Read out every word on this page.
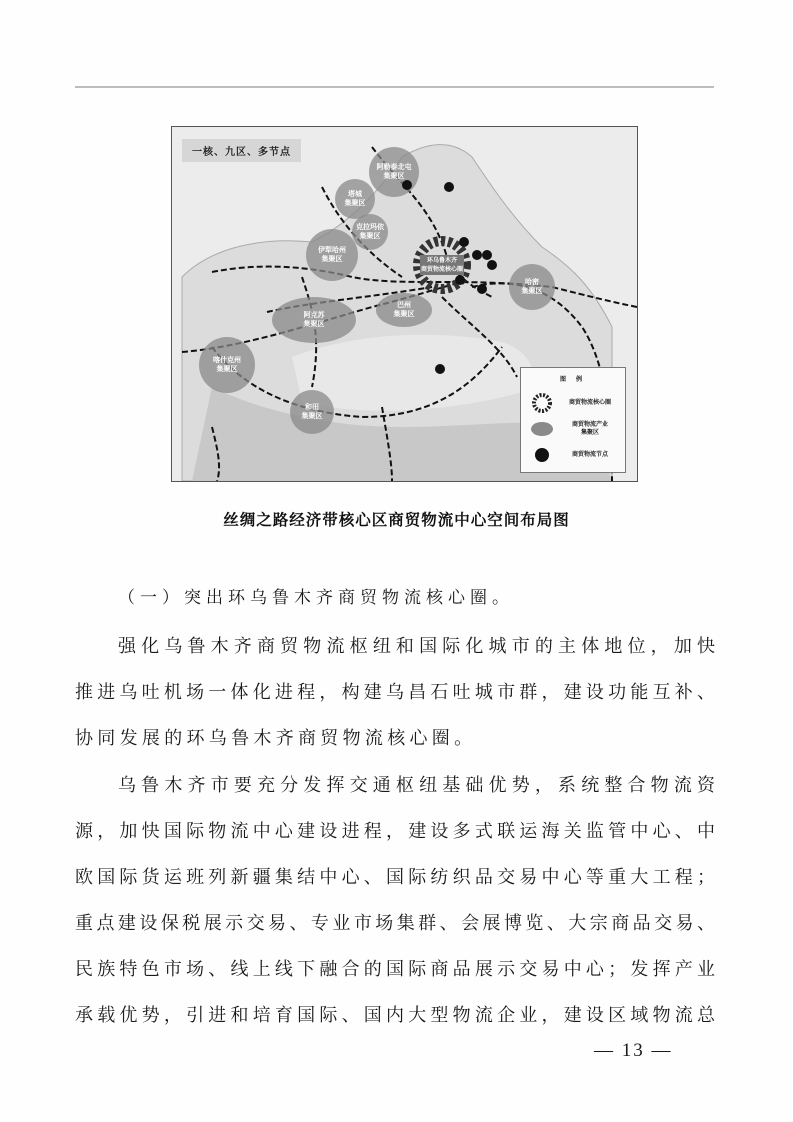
一核、九区、多节点
阿勒泰北屯
集聚区
塔城
集聚区
克拉玛依
集聚区
伊犁哈州
集聚区	环乌鲁木齐
商贸物流核心圈
哈密
集聚区
巴州
集聚区
阿克苏
集聚区
喀什克州
集聚区
和田
集聚区
图 例
商贸物流核心圈
商贸物流产业
集聚区
商贸物流节点
丝绸之路经济带核心区商贸物流中心空间布局图
（一）突出环乌鲁木齐商贸物流核心圈。
强化乌鲁木齐商贸物流枢纽和国际化城市的主体地位，加快
推进乌吐机场一体化进程，构建乌昌石吐城市群，建设功能互补、
协同发展的环乌鲁木齐商贸物流核心圈。
乌鲁木齐市要充分发挥交通枢纽基础优势，系统整合物流资
源，加快国际物流中心建设进程，建设多式联运海关监管中心、中
欧国际货运班列新疆集结中心、国际纺织品交易中心等重大工程；
重点建设保税展示交易、专业市场集群、会展博览、大宗商品交易、
民族特色市场、线上线下融合的国际商品展示交易中心；发挥产业
承载优势，引进和培育国际、国内大型物流企业，建设区域物流总
— 13 —
